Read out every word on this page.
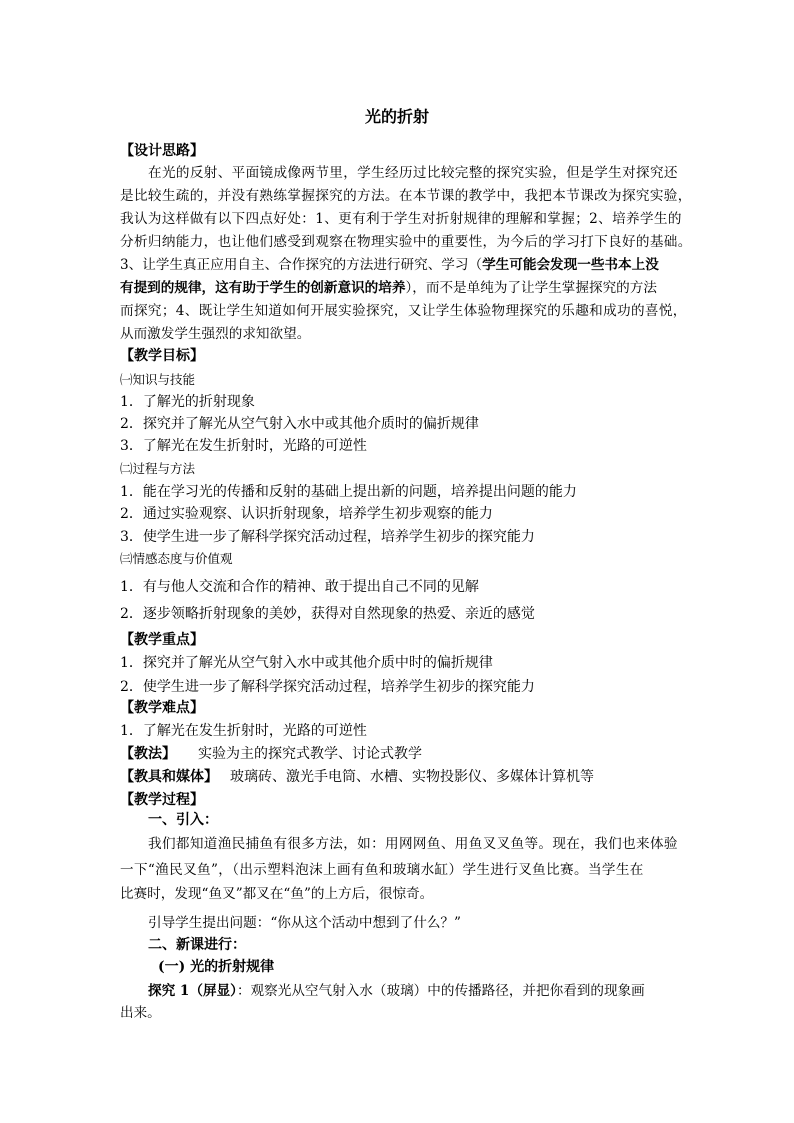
光的折射
【设计思路】
在光的反射、平面镜成像两节里，学生经历过比较完整的探究实验，但是学生对探究还
是比较生疏的，并没有熟练掌握探究的方法。在本节课的教学中，我把本节课改为探究实验，
我认为这样做有以下四点好处：1、更有利于学生对折射规律的理解和掌握；2、培养学生的
分析归纳能力，也让他们感受到观察在物理实验中的重要性，为今后的学习打下良好的基础。
3、让学生真正应用自主、合作探究的方法进行研究、学习（学生可能会发现一些书本上没
有提到的规律，这有助于学生的创新意识的培养），而不是单纯为了让学生掌握探究的方法
而探究；4、既让学生知道如何开展实验探究，又让学生体验物理探究的乐趣和成功的喜悦，
从而激发学生强烈的求知欲望。
【教学目标】
㈠知识与技能
1．了解光的折射现象
2．探究并了解光从空气射入水中或其他介质时的偏折规律
3．了解光在发生折射时，光路的可逆性
㈡过程与方法
1．能在学习光的传播和反射的基础上提出新的问题，培养提出问题的能力
2．通过实验观察、认识折射现象，培养学生初步观察的能力
3．使学生进一步了解科学探究活动过程，培养学生初步的探究能力
㈢情感态度与价值观
1．有与他人交流和合作的精神、敢于提出自己不同的见解
2．逐步领略折射现象的美妙，获得对自然现象的热爱、亲近的感觉
【教学重点】
1．探究并了解光从空气射入水中或其他介质中时的偏折规律
2．使学生进一步了解科学探究活动过程，培养学生初步的探究能力
【教学难点】
1．了解光在发生折射时，光路的可逆性
【教法】 实验为主的探究式教学、讨论式教学
【教具和媒体】 玻璃砖、激光手电筒、水槽、实物投影仪、多媒体计算机等
【教学过程】
一、引入：
我们都知道渔民捕鱼有很多方法，如：用网网鱼、用鱼叉叉鱼等。现在，我们也来体验
一下“渔民叉鱼”，（出示塑料泡沫上画有鱼和玻璃水缸）学生进行叉鱼比赛。当学生在
比赛时，发现“鱼叉”都叉在“鱼”的上方后，很惊奇。
引导学生提出问题：“你从这个活动中想到了什么？”
二、新课进行：
(一) 光的折射规律
探究 1（屏显）：观察光从空气射入水（玻璃）中的传播路径，并把你看到的现象画
出来。
